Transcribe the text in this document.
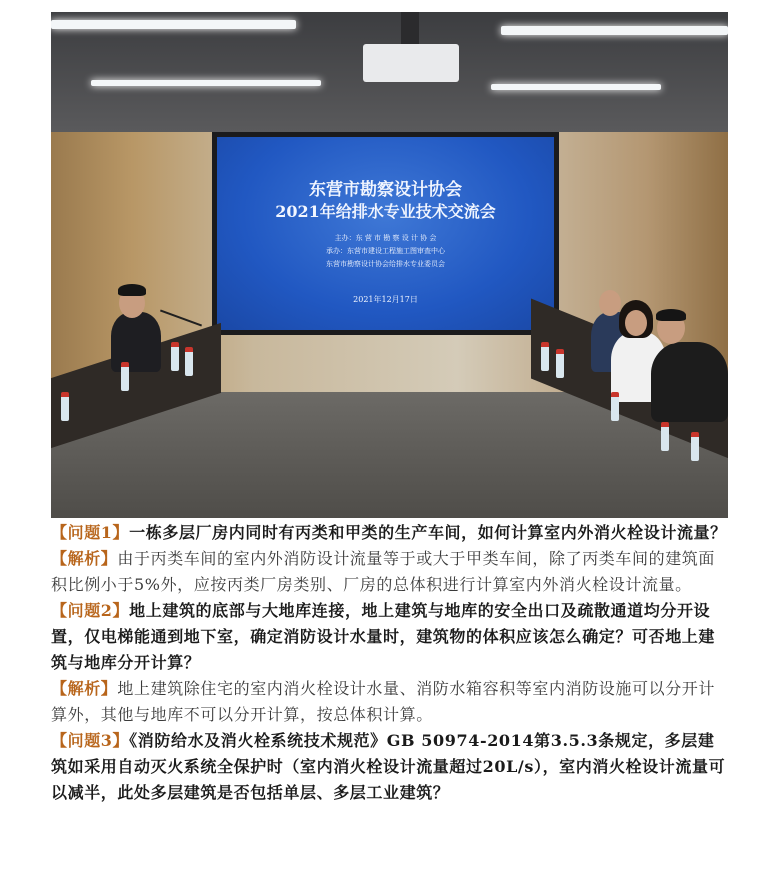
东营市勘察设计协会
2021年给排水专业技术交流会
主办：东 营 市 勘 察 设 计 协 会
承办：东营市建设工程施工图审查中心
东营市勘察设计协会给排水专业委员会
2021年12月17日

【问题1】一栋多层厂房内同时有丙类和甲类的生产车间，如何计算室内外消火栓设计流量？

【解析】由于丙类车间的室内外消防设计流量等于或大于甲类车间，除了丙类车间的建筑面积比例小于5%外，应按丙类厂房类别、厂房的总体积进行计算室内外消火栓设计流量。

【问题2】地上建筑的底部与大地库连接，地上建筑与地库的安全出口及疏散通道均分开设置，仅电梯能通到地下室，确定消防设计水量时，建筑物的体积应该怎么确定？可否地上建筑与地库分开计算？

【解析】地上建筑除住宅的室内消火栓设计水量、消防水箱容积等室内消防设施可以分开计算外，其他与地库不可以分开计算，按总体积计算。

【问题3】《消防给水及消火栓系统技术规范》GB 50974-2014第3.5.3条规定，多层建筑如采用自动灭火系统全保护时（室内消火栓设计流量超过20L/s），室内消火栓设计流量可以减半，此处多层建筑是否包括单层、多层工业建筑？
